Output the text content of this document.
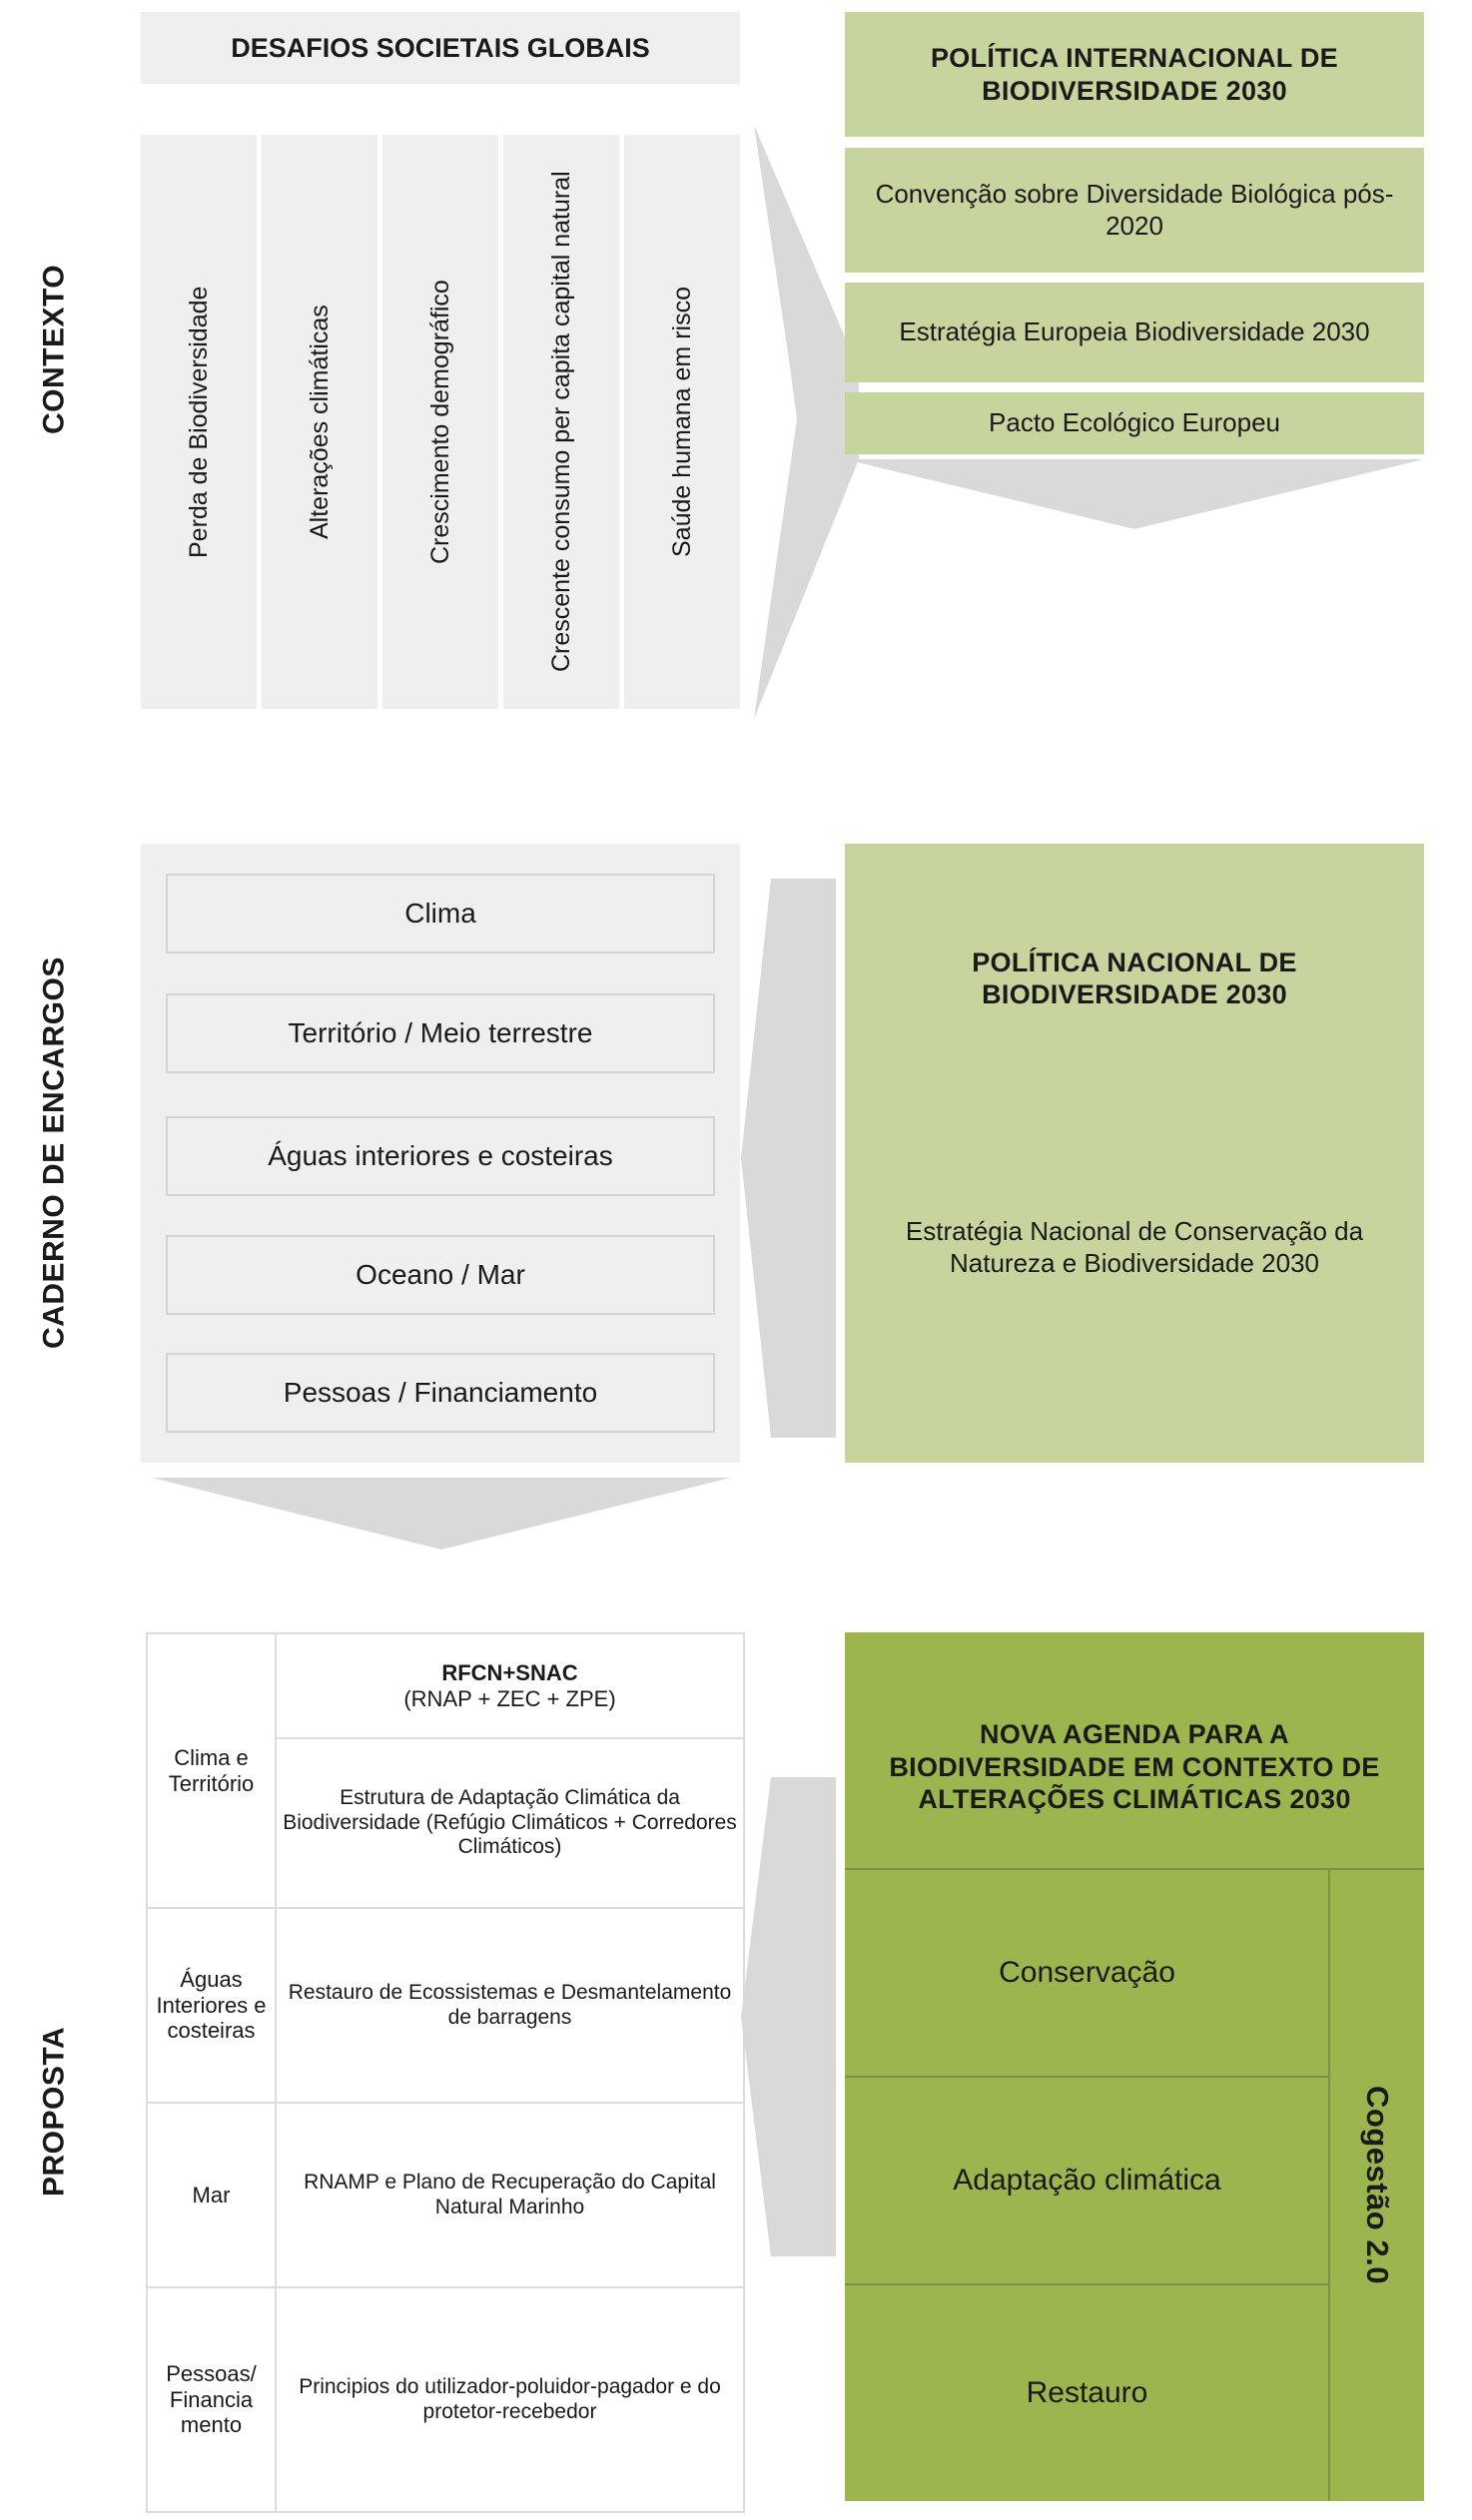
CONTEXTO
DESAFIOS SOCIETAIS GLOBAIS
Perda de Biodiversidade	Alterações climáticas	Crescimento demográfico	Crescente consumo per capita capital natural	Saúde humana em risco
POLÍTICA INTERNACIONAL DE BIODIVERSIDADE 2030
Convenção sobre Diversidade Biológica pós-2020
Estratégia Europeia Biodiversidade 2030
Pacto Ecológico Europeu
CADERNO DE ENCARGOS
Clima
Território / Meio terrestre
Águas interiores e costeiras
Oceano / Mar
Pessoas / Financiamento
POLÍTICA NACIONAL DE BIODIVERSIDADE 2030
Estratégia Nacional de Conservação da Natureza e Biodiversidade 2030
PROPOSTA
Clima e Território	RFCN+SNAC
(RNAP + ZEC + ZPE)
	Estrutura de Adaptação Climática da Biodiversidade (Refúgio Climáticos + Corredores Climáticos)
Águas Interiores e costeiras	Restauro de Ecossistemas e Desmantelamento de barragens
Mar	RNAMP e Plano de Recuperação do Capital Natural Marinho
Pessoas/ Financia mento	Principios do utilizador-poluidor-pagador e do protetor-recebedor
NOVA AGENDA PARA A BIODIVERSIDADE EM CONTEXTO DE ALTERAÇÕES CLIMÁTICAS 2030
Conservação
Adaptação climática
Restauro
Cogestão 2.0
